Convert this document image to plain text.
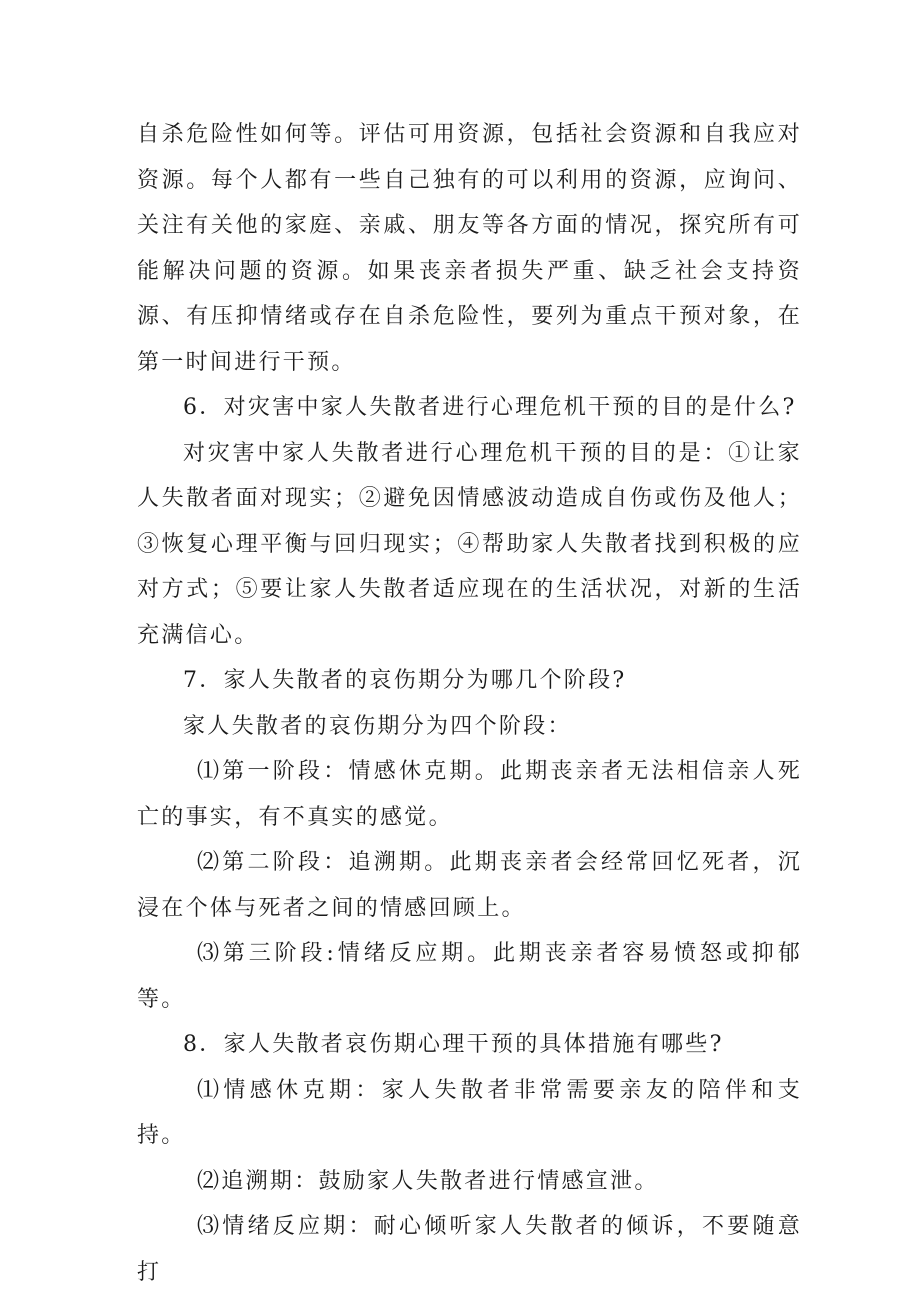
自杀危险性如何等。评估可用资源，包括社会资源和自我应对资源。每个人都有一些自己独有的可以利用的资源，应询问、关注有关他的家庭、亲戚、朋友等各方面的情况，探究所有可能解决问题的资源。如果丧亲者损失严重、缺乏社会支持资源、有压抑情绪或存在自杀危险性，要列为重点干预对象，在第一时间进行干预。

6．对灾害中家人失散者进行心理危机干预的目的是什么?

对灾害中家人失散者进行心理危机干预的目的是：①让家人失散者面对现实；②避免因情感波动造成自伤或伤及他人；③恢复心理平衡与回归现实；④帮助家人失散者找到积极的应对方式；⑤要让家人失散者适应现在的生活状况，对新的生活充满信心。

7．家人失散者的哀伤期分为哪几个阶段?

家人失散者的哀伤期分为四个阶段：

⑴第一阶段：情感休克期。此期丧亲者无法相信亲人死亡的事实，有不真实的感觉。

⑵第二阶段：追溯期。此期丧亲者会经常回忆死者，沉浸在个体与死者之间的情感回顾上。

⑶第三阶段:情绪反应期。此期丧亲者容易愤怒或抑郁等。

8．家人失散者哀伤期心理干预的具体措施有哪些?

⑴情感休克期：家人失散者非常需要亲友的陪伴和支持。

⑵追溯期：鼓励家人失散者进行情感宣泄。

⑶情绪反应期：耐心倾听家人失散者的倾诉，不要随意打
